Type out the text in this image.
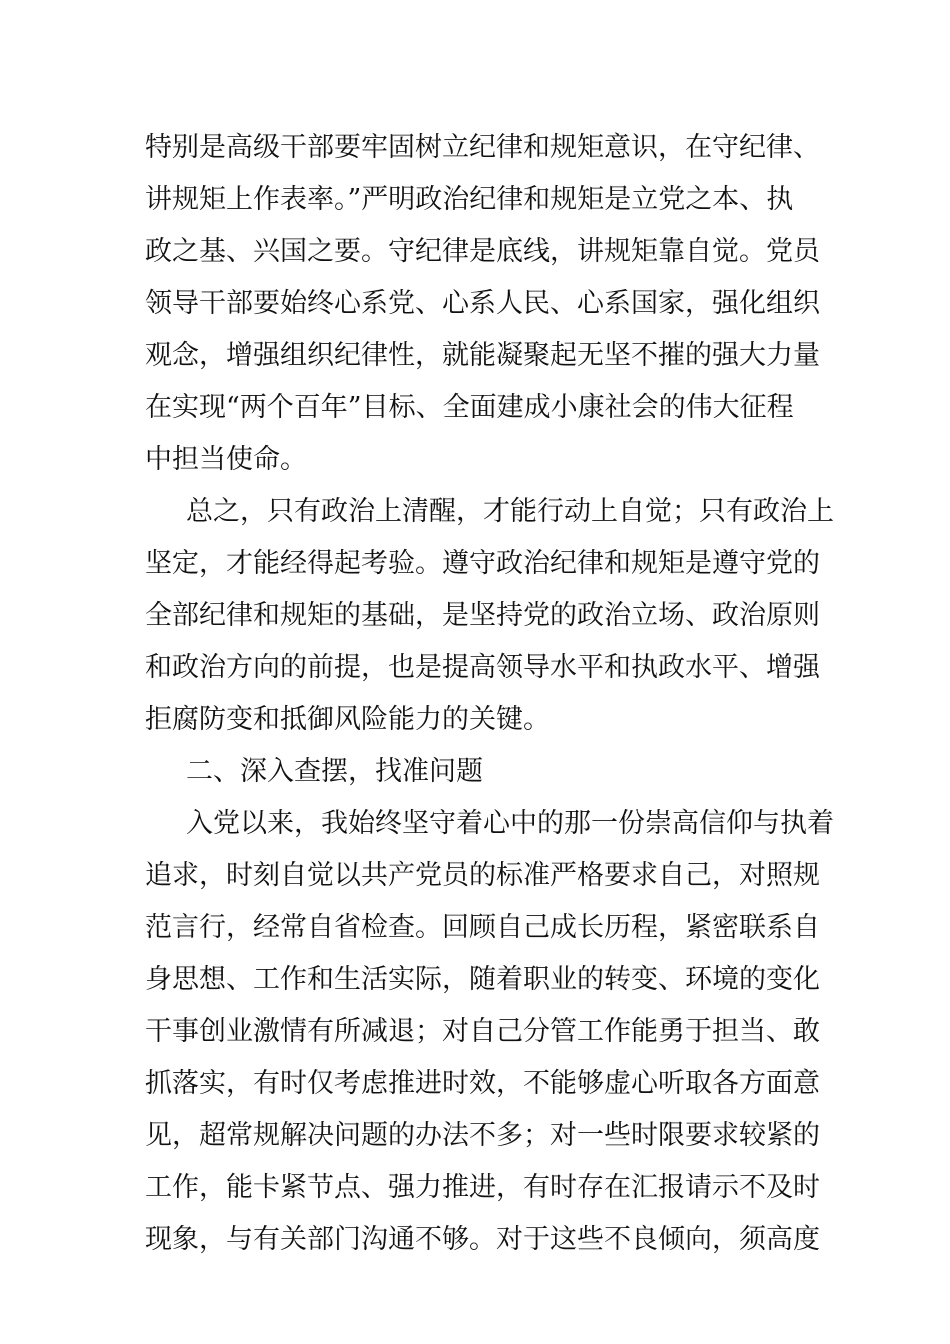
特别是高级干部要牢固树立纪律和规矩意识，在守纪律、
讲规矩上作表率。”严明政治纪律和规矩是立党之本、执
政之基、兴国之要。守纪律是底线，讲规矩靠自觉。党员
领导干部要始终心系党、心系人民、心系国家，强化组织
观念，增强组织纪律性，就能凝聚起无坚不摧的强大力量
在实现“两个百年”目标、全面建成小康社会的伟大征程
中担当使命。
总之，只有政治上清醒，才能行动上自觉；只有政治上
坚定，才能经得起考验。遵守政治纪律和规矩是遵守党的
全部纪律和规矩的基础，是坚持党的政治立场、政治原则
和政治方向的前提，也是提高领导水平和执政水平、增强
拒腐防变和抵御风险能力的关键。
二、深入查摆，找准问题
入党以来，我始终坚守着心中的那一份崇高信仰与执着
追求，时刻自觉以共产党员的标准严格要求自己，对照规
范言行，经常自省检查。回顾自己成长历程，紧密联系自
身思想、工作和生活实际，随着职业的转变、环境的变化
干事创业激情有所减退；对自己分管工作能勇于担当、敢
抓落实，有时仅考虑推进时效，不能够虚心听取各方面意
见，超常规解决问题的办法不多；对一些时限要求较紧的
工作，能卡紧节点、强力推进，有时存在汇报请示不及时
现象，与有关部门沟通不够。对于这些不良倾向，须高度
